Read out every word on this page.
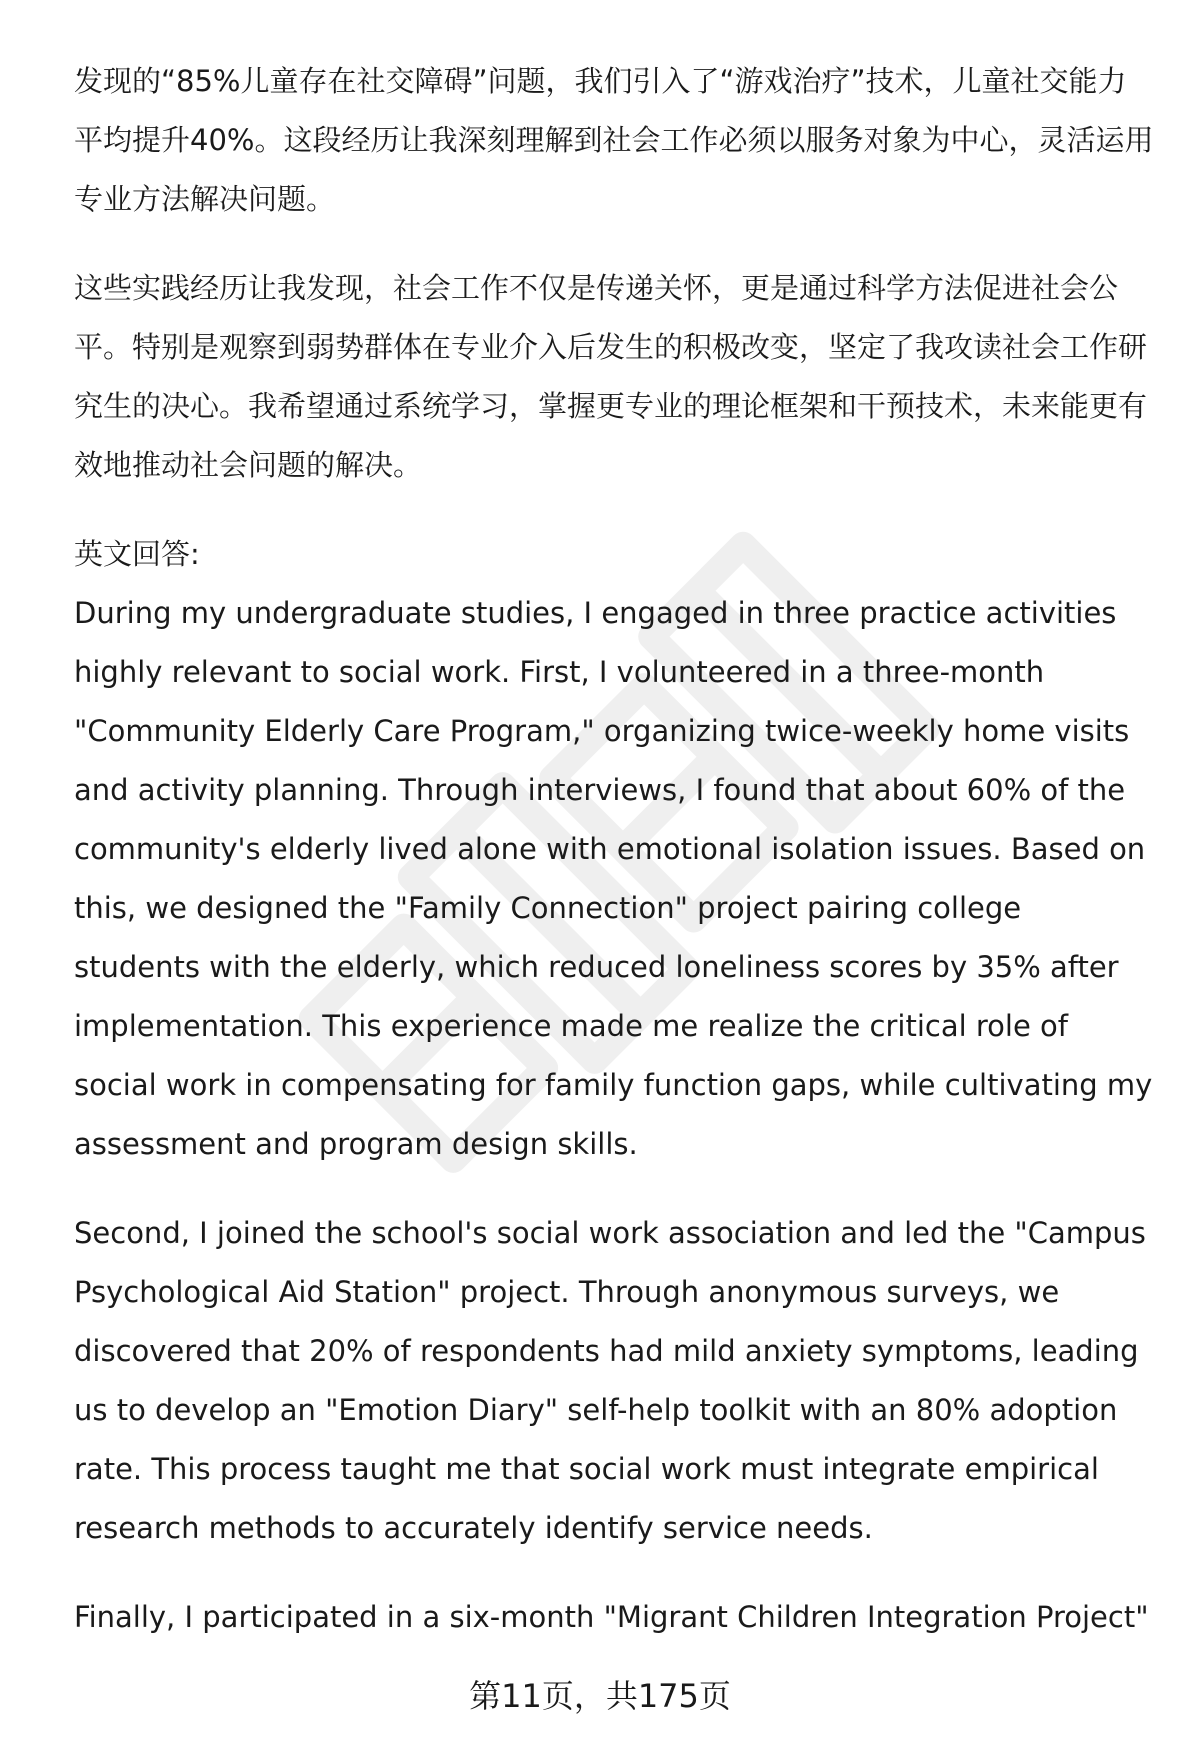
发现的“85%儿童存在社交障碍”问题，我们引入了“游戏治疗”技术，儿童社交能力平均提升40%。这段经历让我深刻理解到社会工作必须以服务对象为中心，灵活运用专业方法解决问题。

这些实践经历让我发现，社会工作不仅是传递关怀，更是通过科学方法促进社会公平。特别是观察到弱势群体在专业介入后发生的积极改变，坚定了我攻读社会工作研究生的决心。我希望通过系统学习，掌握更专业的理论框架和干预技术，未来能更有效地推动社会问题的解决。

英文回答:

During my undergraduate studies, I engaged in three practice activities highly relevant to social work. First, I volunteered in a three-month "Community Elderly Care Program," organizing twice-weekly home visits and activity planning. Through interviews, I found that about 60% of the community's elderly lived alone with emotional isolation issues. Based on this, we designed the "Family Connection" project pairing college students with the elderly, which reduced loneliness scores by 35% after implementation. This experience made me realize the critical role of social work in compensating for family function gaps, while cultivating my assessment and program design skills.

Second, I joined the school's social work association and led the "Campus Psychological Aid Station" project. Through anonymous surveys, we discovered that 20% of respondents had mild anxiety symptoms, leading us to develop an "Emotion Diary" self-help toolkit with an 80% adoption rate. This process taught me that social work must integrate empirical research methods to accurately identify service needs.

Finally, I participated in a six-month "Migrant Children Integration Project"

第11页，共175页
